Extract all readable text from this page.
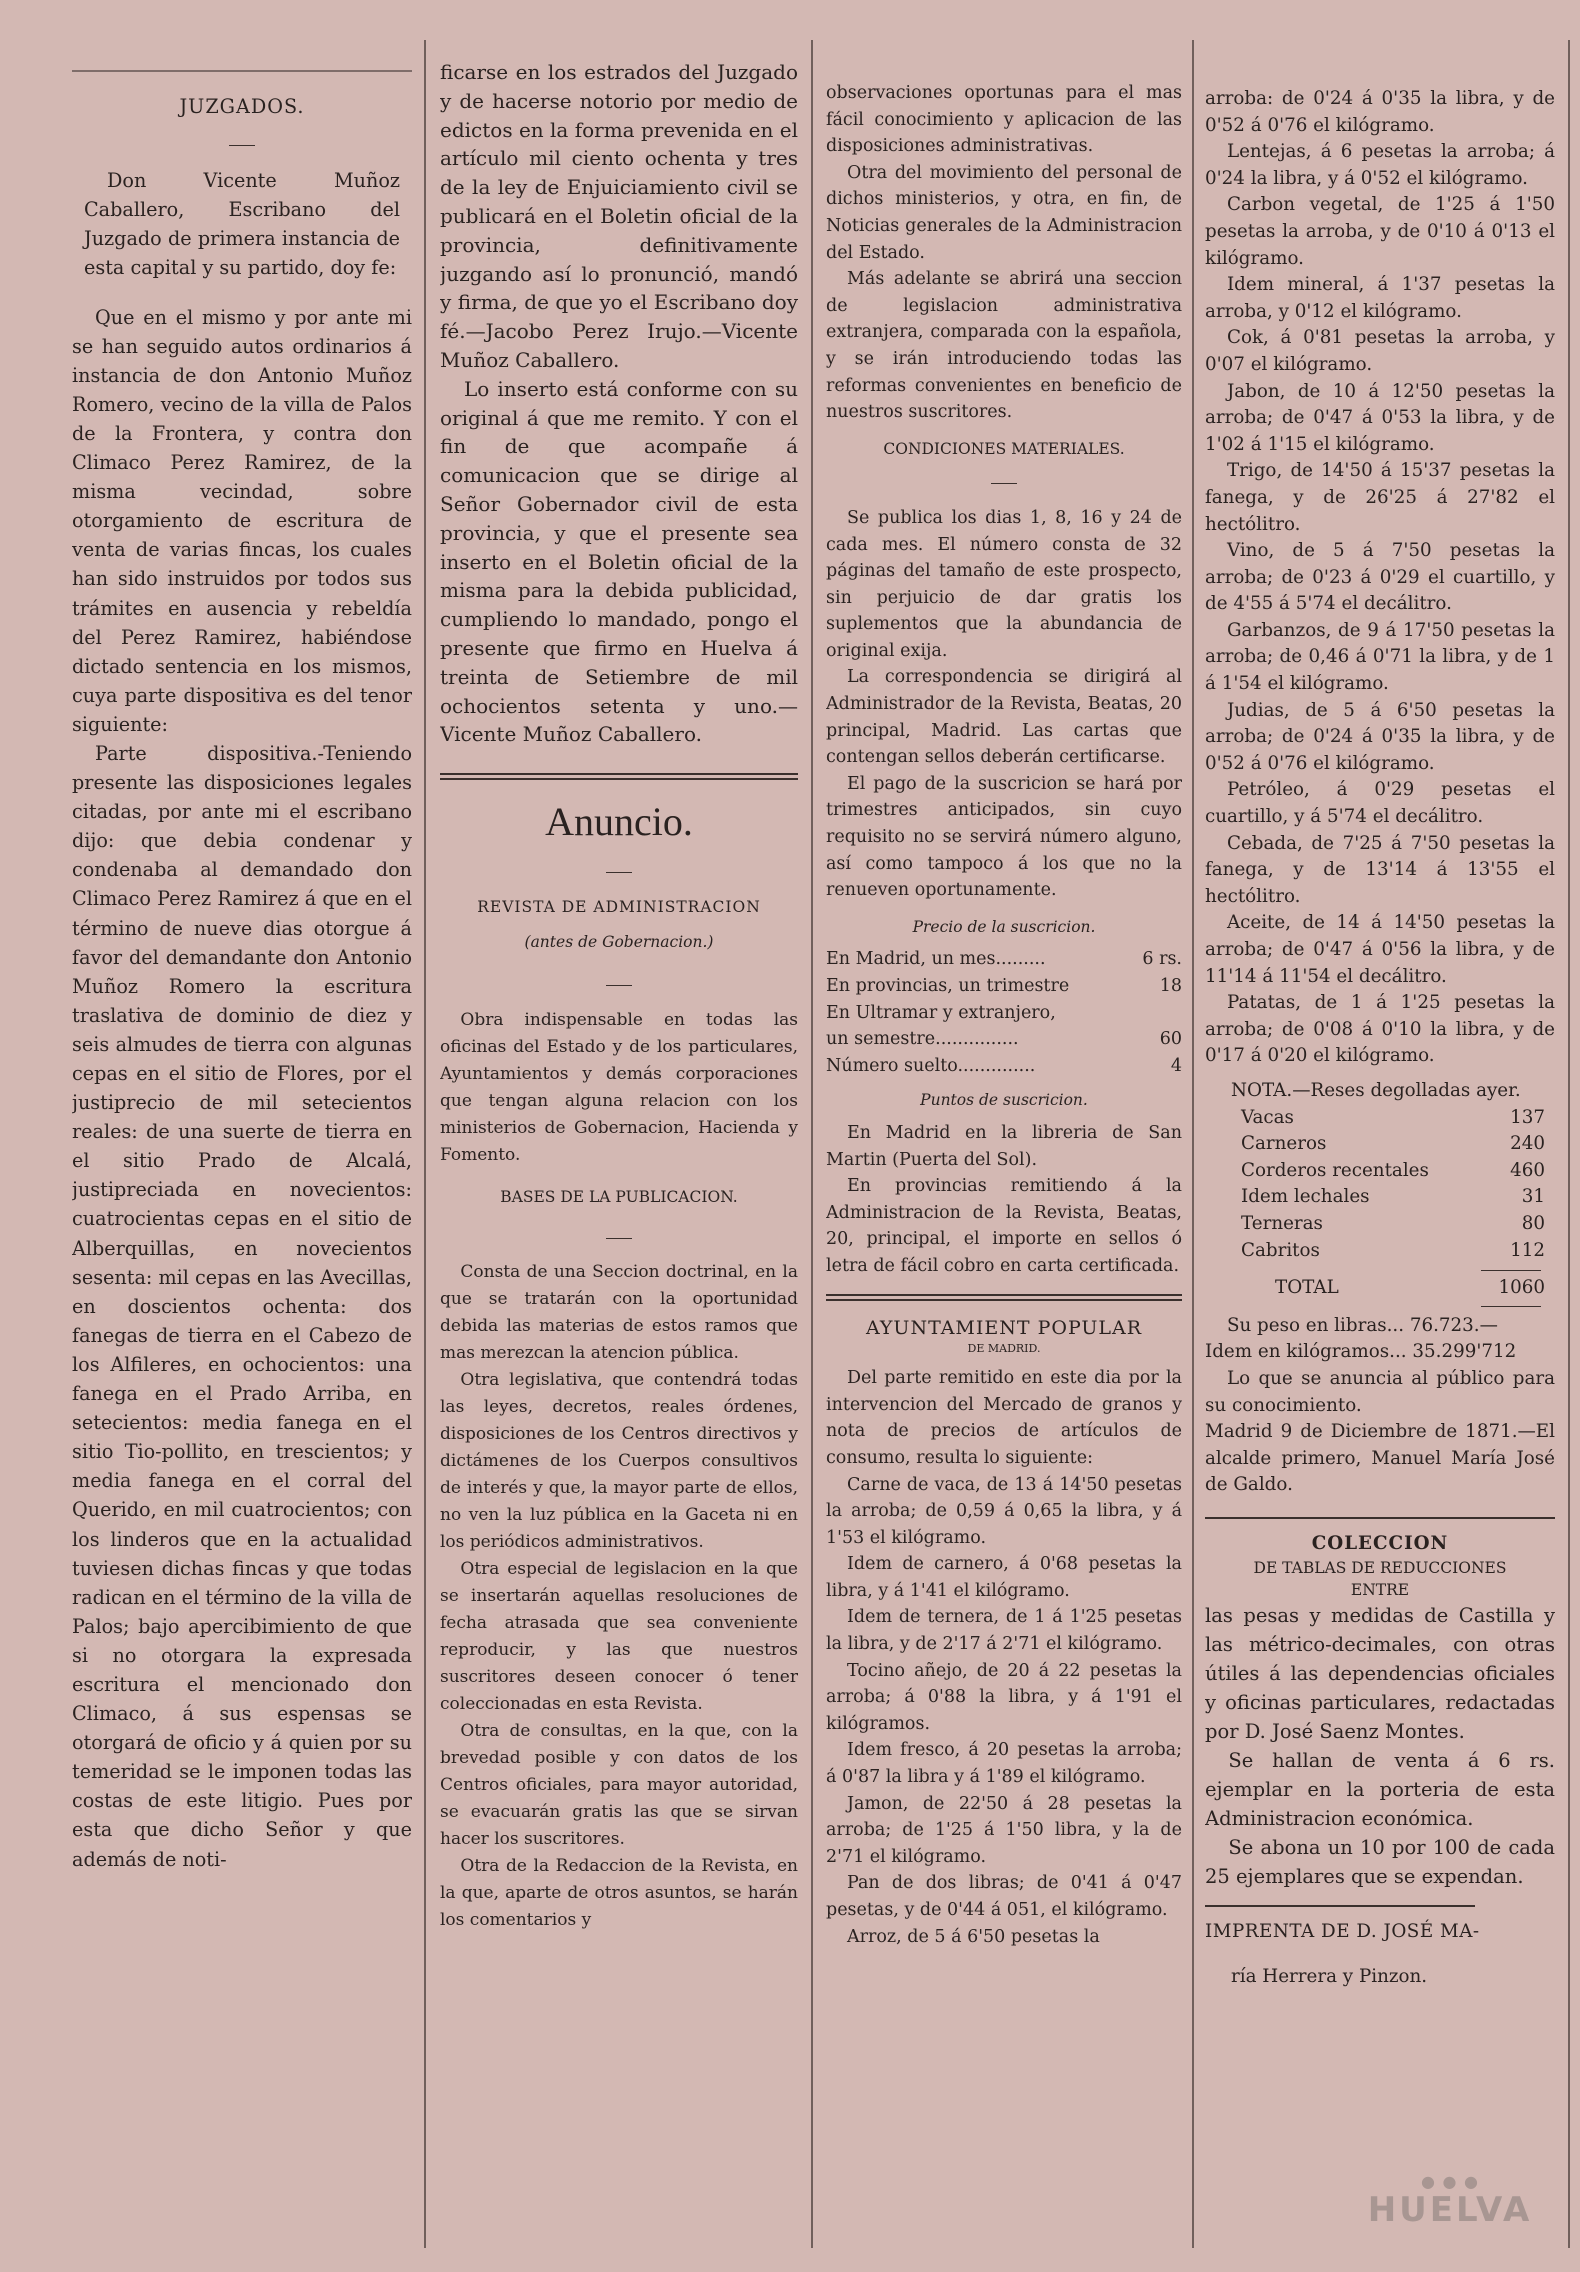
JUZGADOS.

Don Vicente Muñoz Caballero, Escribano del Juzgado de primera instancia de esta capital y su partido, doy fe:

Que en el mismo y por ante mi se han seguido autos ordinarios á instancia de don Antonio Muñoz Romero, vecino de la villa de Palos de la Frontera, y contra don Climaco Perez Ramirez, de la misma vecindad, sobre otorgamiento de escritura de venta de varias fincas, los cuales han sido instruidos por todos sus trámites en ausencia y rebeldía del Perez Ramirez, habiéndose dictado sentencia en los mismos, cuya parte dispositiva es del tenor siguiente:

Parte dispositiva.-Teniendo presente las disposiciones legales citadas, por ante mi el escribano dijo: que debia condenar y condenaba al demandado don Climaco Perez Ramirez á que en el término de nueve dias otorgue á favor del demandante don Antonio Muñoz Romero la escritura traslativa de dominio de diez y seis almudes de tierra con algunas cepas en el sitio de Flores, por el justiprecio de mil setecientos reales: de una suerte de tierra en el sitio Prado de Alcalá, justipreciada en novecientos: cuatrocientas cepas en el sitio de Alberquillas, en novecientos sesenta: mil cepas en las Avecillas, en doscientos ochenta: dos fanegas de tierra en el Cabezo de los Alfileres, en ochocientos: una fanega en el Prado Arriba, en setecientos: media fanega en el sitio Tio-pollito, en trescientos; y media fanega en el corral del Querido, en mil cuatrocientos; con los linderos que en la actualidad tuviesen dichas fincas y que todas radican en el término de la villa de Palos; bajo apercibimiento de que si no otorgara la expresada escritura el mencionado don Climaco, á sus espensas se otorgará de oficio y á quien por su temeridad se le imponen todas las costas de este litigio. Pues por esta que dicho Señor y que además de noti-

ficarse en los estrados del Juzgado y de hacerse notorio por medio de edictos en la forma prevenida en el artículo mil ciento ochenta y tres de la ley de Enjuiciamiento civil se publicará en el Boletin oficial de la provincia, definitivamente juzgando así lo pronunció, mandó y firma, de que yo el Escribano doy fé.—Jacobo Perez Irujo.—Vicente Muñoz Caballero.

Lo inserto está conforme con su original á que me remito. Y con el fin de que acompañe á comunicacion que se dirige al Señor Gobernador civil de esta provincia, y que el presente sea inserto en el Boletin oficial de la misma para la debida publicidad, cumpliendo lo mandado, pongo el presente que firmo en Huelva á treinta de Setiembre de mil ochocientos setenta y uno.—Vicente Muñoz Caballero.

Anuncio.
REVISTA DE ADMINISTRACION
(antes de Gobernacion.)

Obra indispensable en todas las oficinas del Estado y de los particulares, Ayuntamientos y demás corporaciones que tengan alguna relacion con los ministerios de Gobernacion, Hacienda y Fomento.

BASES DE LA PUBLICACION.

Consta de una Seccion doctrinal, en la que se tratarán con la oportunidad debida las materias de estos ramos que mas merezcan la atencion pública.

Otra legislativa, que contendrá todas las leyes, decretos, reales órdenes, disposiciones de los Centros directivos y dictámenes de los Cuerpos consultivos de interés y que, la mayor parte de ellos, no ven la luz pública en la Gaceta ni en los periódicos administrativos.

Otra especial de legislacion en la que se insertarán aquellas resoluciones de fecha atrasada que sea conveniente reproducir, y las que nuestros suscritores deseen conocer ó tener coleccionadas en esta Revista.

Otra de consultas, en la que, con la brevedad posible y con datos de los Centros oficiales, para mayor autoridad, se evacuarán gratis las que se sirvan hacer los suscritores.

Otra de la Redaccion de la Revista, en la que, aparte de otros asuntos, se harán los comentarios y

observaciones oportunas para el mas fácil conocimiento y aplicacion de las disposiciones administrativas.

Otra del movimiento del personal de dichos ministerios, y otra, en fin, de Noticias generales de la Administracion del Estado.

Más adelante se abrirá una seccion de legislacion administrativa extranjera, comparada con la española, y se irán introduciendo todas las reformas convenientes en beneficio de nuestros suscritores.

CONDICIONES MATERIALES.

Se publica los dias 1, 8, 16 y 24 de cada mes. El número consta de 32 páginas del tamaño de este prospecto, sin perjuicio de dar gratis los suplementos que la abundancia de original exija.

La correspondencia se dirigirá al Administrador de la Revista, Beatas, 20 principal, Madrid. Las cartas que contengan sellos deberán certificarse.

El pago de la suscricion se hará por trimestres anticipados, sin cuyo requisito no se servirá número alguno, así como tampoco á los que no la renueven oportunamente.

Precio de la suscricion.
En Madrid, un mes.........	6 rs.
En provincias, un trimestre	18
En Ultramar y extranjero,
un semestre...............	60
Número suelto..............	4
Puntos de suscricion.

En Madrid en la libreria de San Martin (Puerta del Sol).

En provincias remitiendo á la Administracion de la Revista, Beatas, 20, principal, el importe en sellos ó letra de fácil cobro en carta certificada.

AYUNTAMIENT POPULAR
DE MADRID.

Del parte remitido en este dia por la intervencion del Mercado de granos y nota de precios de artículos de consumo, resulta lo siguiente:

Carne de vaca, de 13 á 14'50 pesetas la arroba; de 0,59 á 0,65 la libra, y á 1'53 el kilógramo.

Idem de carnero, á 0'68 pesetas la libra, y á 1'41 el kilógramo.

Idem de ternera, de 1 á 1'25 pesetas la libra, y de 2'17 á 2'71 el kilógramo.

Tocino añejo, de 20 á 22 pesetas la arroba; á 0'88 la libra, y á 1'91 el kilógramos.

Idem fresco, á 20 pesetas la arroba; á 0'87 la libra y á 1'89 el kilógramo.

Jamon, de 22'50 á 28 pesetas la arroba; de 1'25 á 1'50 libra, y la de 2'71 el kilógramo.

Pan de dos libras; de 0'41 á 0'47 pesetas, y de 0'44 á 051, el kilógramo.

Arroz, de 5 á 6'50 pesetas la

arroba: de 0'24 á 0'35 la libra, y de 0'52 á 0'76 el kilógramo.

Lentejas, á 6 pesetas la arroba; á 0'24 la libra, y á 0'52 el kilógramo.

Carbon vegetal, de 1'25 á 1'50 pesetas la arroba, y de 0'10 á 0'13 el kilógramo.

Idem mineral, á 1'37 pesetas la arroba, y 0'12 el kilógramo.

Cok, á 0'81 pesetas la arroba, y 0'07 el kilógramo.

Jabon, de 10 á 12'50 pesetas la arroba; de 0'47 á 0'53 la libra, y de 1'02 á 1'15 el kilógramo.

Trigo, de 14'50 á 15'37 pesetas la fanega, y de 26'25 á 27'82 el hectólitro.

Vino, de 5 á 7'50 pesetas la arroba; de 0'23 á 0'29 el cuartillo, y de 4'55 á 5'74 el decálitro.

Garbanzos, de 9 á 17'50 pesetas la arroba; de 0,46 á 0'71 la libra, y de 1 á 1'54 el kilógramo.

Judias, de 5 á 6'50 pesetas la arroba; de 0'24 á 0'35 la libra, y de 0'52 á 0'76 el kilógramo.

Petróleo, á 0'29 pesetas el cuartillo, y á 5'74 el decálitro.

Cebada, de 7'25 á 7'50 pesetas la fanega, y de 13'14 á 13'55 el hectólitro.

Aceite, de 14 á 14'50 pesetas la arroba; de 0'47 á 0'56 la libra, y de 11'14 á 11'54 el decálitro.

Patatas, de 1 á 1'25 pesetas la arroba; de 0'08 á 0'10 la libra, y de 0'17 á 0'20 el kilógramo.

NOTA.—Reses degolladas ayer.
Vacas	137
Carneros	240
Corderos recentales	460
Idem lechales	31
Terneras	80
Cabritos	112
TOTAL	1060

Su peso en libras... 76.723.—

Idem en kilógramos... 35.299'712

Lo que se anuncia al público para su conocimiento.

Madrid 9 de Diciembre de 1871.—El alcalde primero, Manuel María José de Galdo.

COLECCION
DE TABLAS DE REDUCCIONES
ENTRE

las pesas y medidas de Castilla y las métrico-decimales, con otras útiles á las dependencias oficiales y oficinas particulares, redactadas por D. José Saenz Montes.

Se hallan de venta á 6 rs. ejemplar en la porteria de esta Administracion económica.

Se abona un 10 por 100 de cada 25 ejemplares que se expendan.

IMPRENTA DE D. JOSÉ MA-
ría Herrera y Pinzon.
● ● ●
HUELVA
